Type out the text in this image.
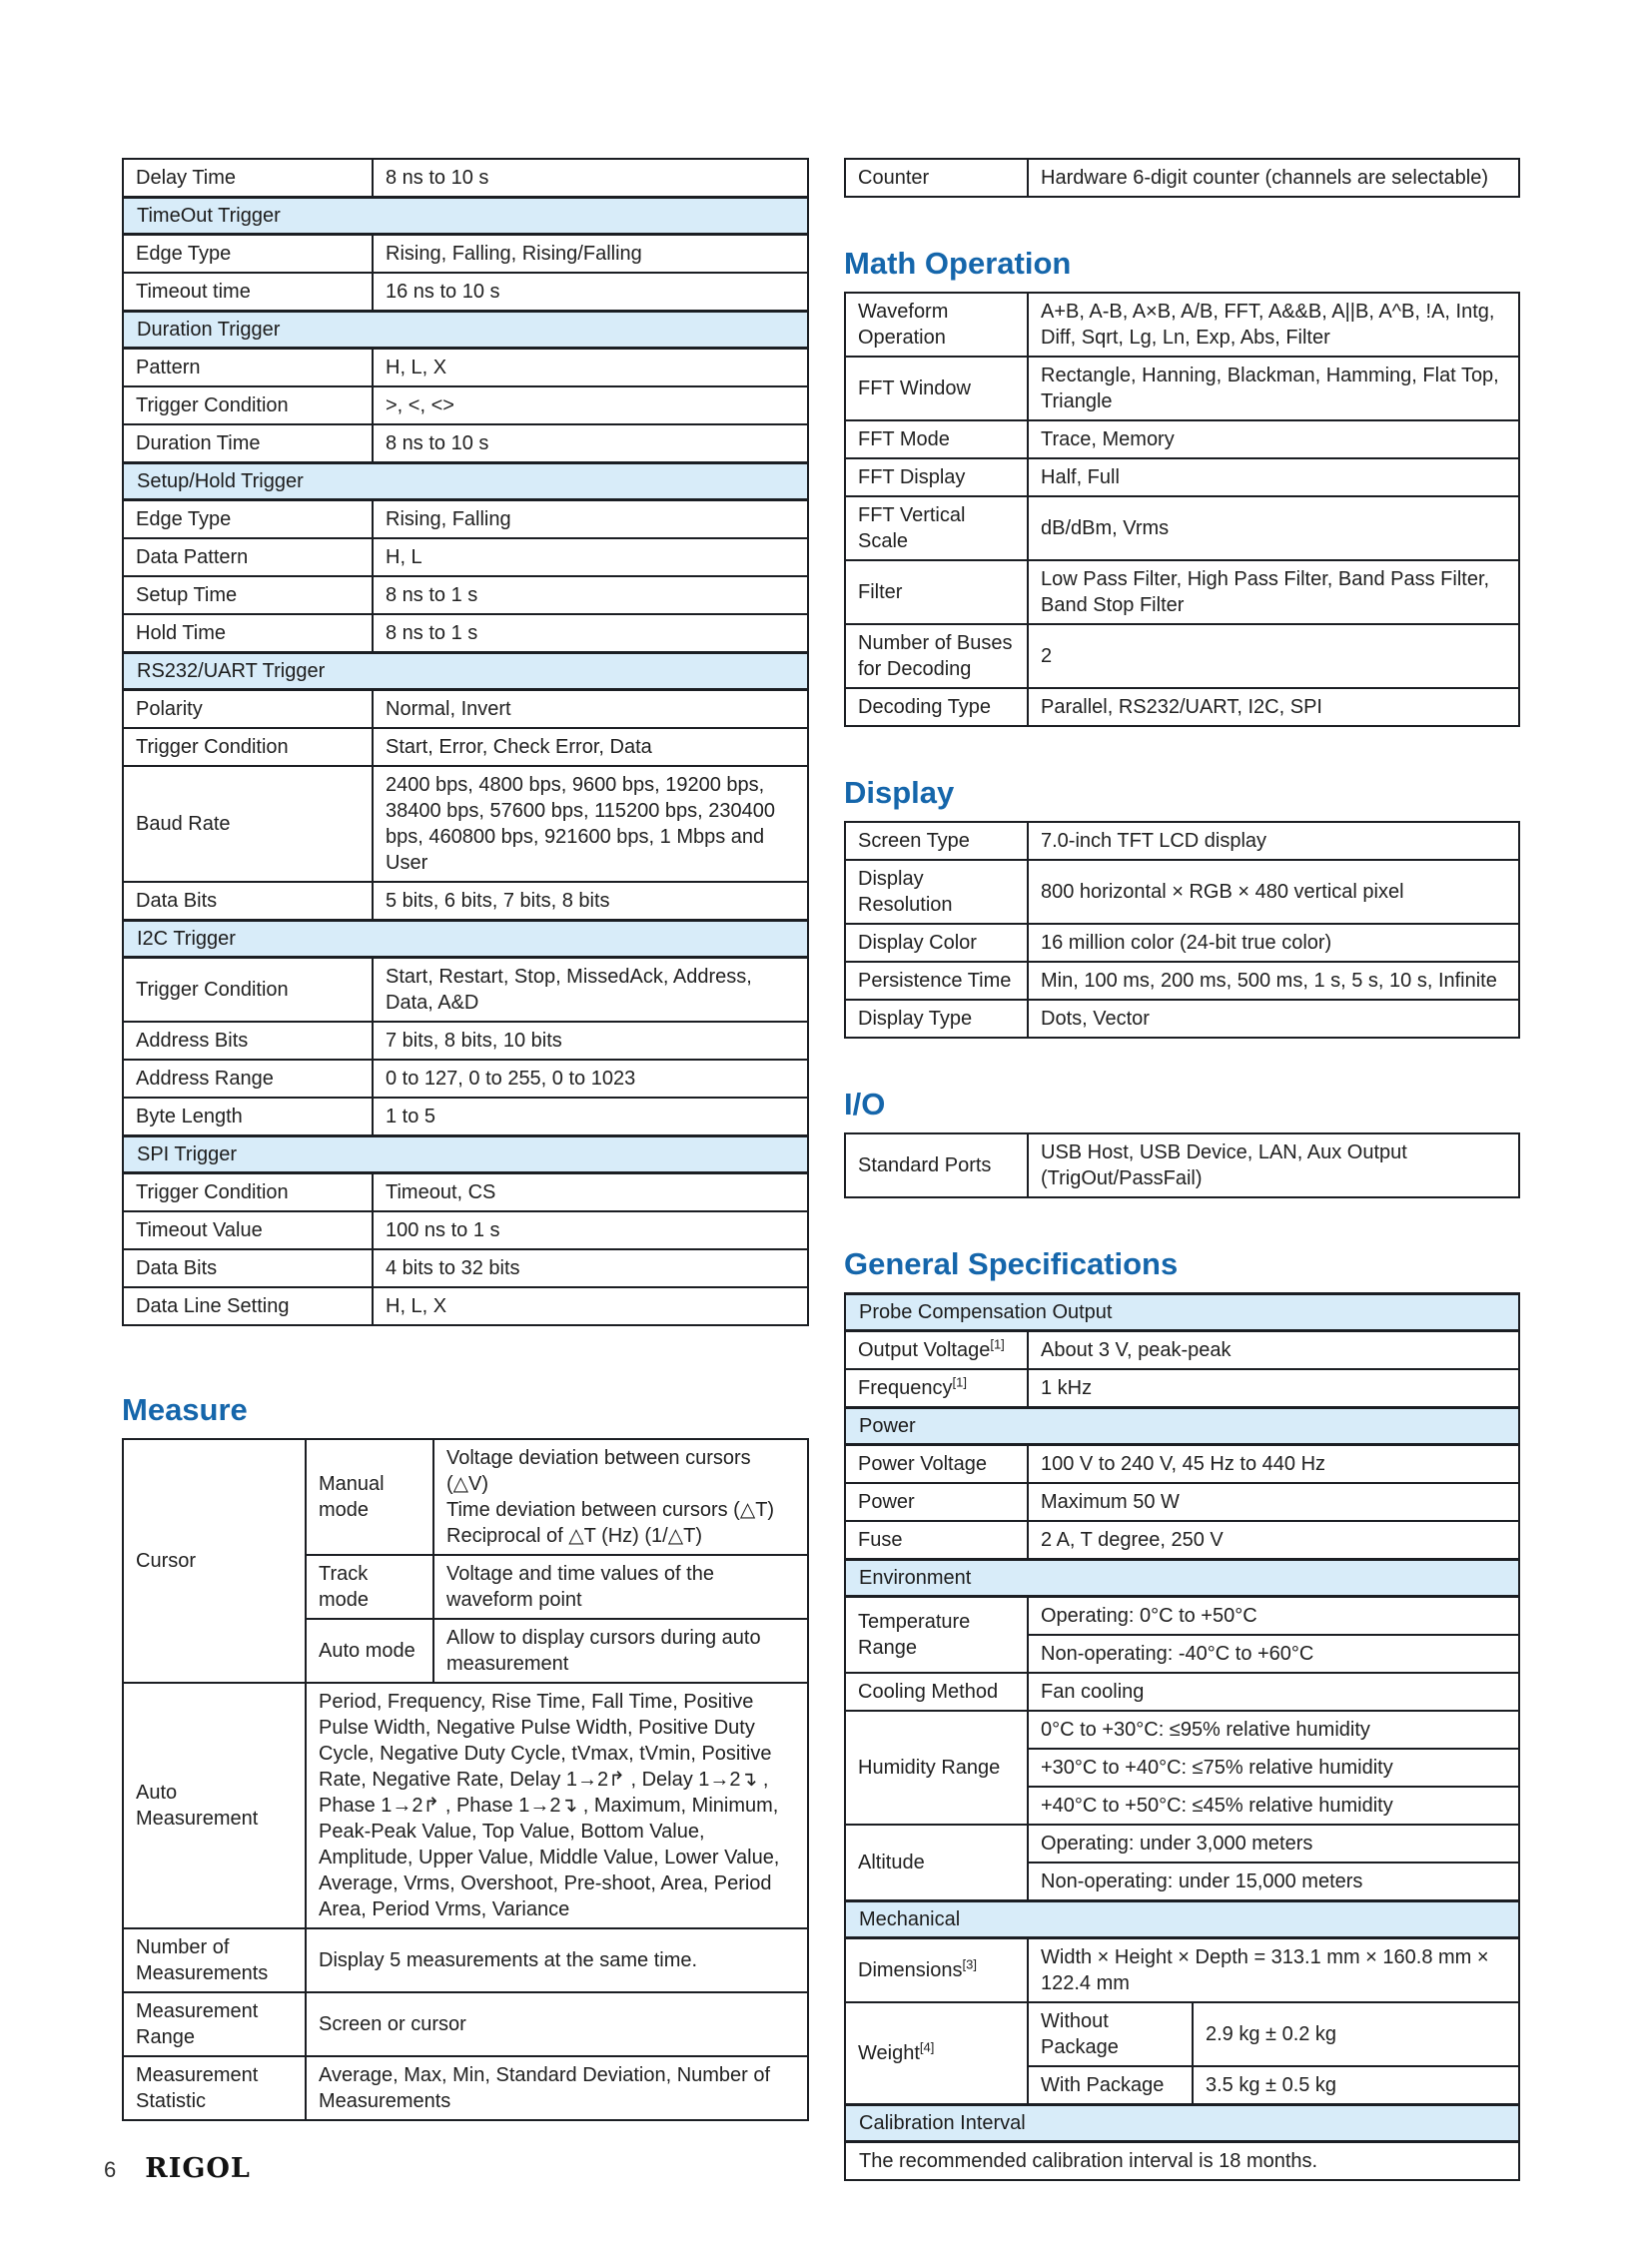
Delay Time	8 ns to 10 s
TimeOut Trigger	
Edge Type	Rising, Falling, Rising/Falling
Timeout time	16 ns to 10 s
Duration Trigger	
Pattern	H, L, X
Trigger Condition	>, <, <>
Duration Time	8 ns to 10 s
Setup/Hold Trigger	
Edge Type	Rising, Falling
Data Pattern	H, L
Setup Time	8 ns to 1 s
Hold Time	8 ns to 1 s
RS232/UART Trigger	
Polarity	Normal, Invert
Trigger Condition	Start, Error, Check Error, Data
Baud Rate	2400 bps, 4800 bps, 9600 bps, 19200 bps, 38400 bps, 57600 bps, 115200 bps, 230400 bps, 460800 bps, 921600 bps, 1 Mbps and User
Data Bits	5 bits, 6 bits, 7 bits, 8 bits
I2C Trigger	
Trigger Condition	Start, Restart, Stop, MissedAck, Address, Data, A&D
Address Bits	7 bits, 8 bits, 10 bits
Address Range	0 to 127, 0 to 255, 0 to 1023
Byte Length	1 to 5
SPI Trigger	
Trigger Condition	Timeout, CS
Timeout Value	100 ns to 1 s
Data Bits	4 bits to 32 bits
Data Line Setting	H, L, X
Measure
Cursor	Manual mode	Voltage deviation between cursors (△V)
Time deviation between cursors (△T)
Reciprocal of △T (Hz) (1/△T)

	Track mode	Voltage and time values of the waveform point

	Auto mode	Allow to display cursors during auto measurement

Auto Measurement	Period, Frequency, Rise Time, Fall Time, Positive Pulse Width, Negative Pulse Width, Positive Duty Cycle, Negative Duty Cycle, tVmax, tVmin, Positive Rate, Negative Rate, Delay 1→2↱ , Delay 1→2↴ , Phase 1→2↱ , Phase 1→2↴ , Maximum, Minimum, Peak-Peak Value, Top Value, Bottom Value, Amplitude, Upper Value, Middle Value, Lower Value, Average, Vrms, Overshoot, Pre-shoot, Area, Period Area, Period Vrms, Variance	
Number of Measurements	Display 5 measurements at the same time.	
Measurement Range	Screen or cursor	
Measurement Statistic	Average, Max, Min, Standard Deviation, Number of Measurements	
Counter	Hardware 6-digit counter (channels are selectable)
Math Operation
Waveform Operation	A+B, A-B, A×B, A/B, FFT, A&&B, A||B, A^B, !A, Intg, Diff, Sqrt, Lg, Ln, Exp, Abs, Filter
FFT Window	Rectangle, Hanning, Blackman, Hamming, Flat Top, Triangle
FFT Mode	Trace, Memory
FFT Display	Half, Full
FFT Vertical Scale	dB/dBm, Vrms
Filter	Low Pass Filter, High Pass Filter, Band Pass Filter, Band Stop Filter
Number of Buses for Decoding	2
Decoding Type	Parallel, RS232/UART, I2C, SPI
Display
Screen Type	7.0-inch TFT LCD display
Display Resolution	800 horizontal × RGB × 480 vertical pixel
Display Color	16 million color (24-bit true color)
Persistence Time	Min, 100 ms, 200 ms, 500 ms, 1 s, 5 s, 10 s, Infinite
Display Type	Dots, Vector
I/O
Standard Ports	USB Host, USB Device, LAN, Aux Output (TrigOut/PassFail)
General Specifications
Probe Compensation Output		
Output Voltage[1]	About 3 V, peak-peak	
Frequency[1]	1 kHz	
Power		
Power Voltage	100 V to 240 V, 45 Hz to 440 Hz	
Power	Maximum 50 W	
Fuse	2 A, T degree, 250 V	
Environment		
Temperature Range	Operating: 0°C to +50°C	
	Non-operating: -40°C to +60°C	
Cooling Method	Fan cooling	
Humidity Range	0°C to +30°C: ≤95% relative humidity	
	+30°C to +40°C: ≤75% relative humidity	
	+40°C to +50°C: ≤45% relative humidity	
Altitude	Operating: under 3,000 meters	
	Non-operating: under 15,000 meters	
Mechanical		
Dimensions[3]	Width × Height × Depth = 313.1 mm × 160.8 mm × 122.4 mm	
Weight[4]	Without Package	2.9 kg ± 0.2 kg
	With Package	3.5 kg ± 0.5 kg
Calibration Interval		
The recommended calibration interval is 18 months.		
6 RIGOL
